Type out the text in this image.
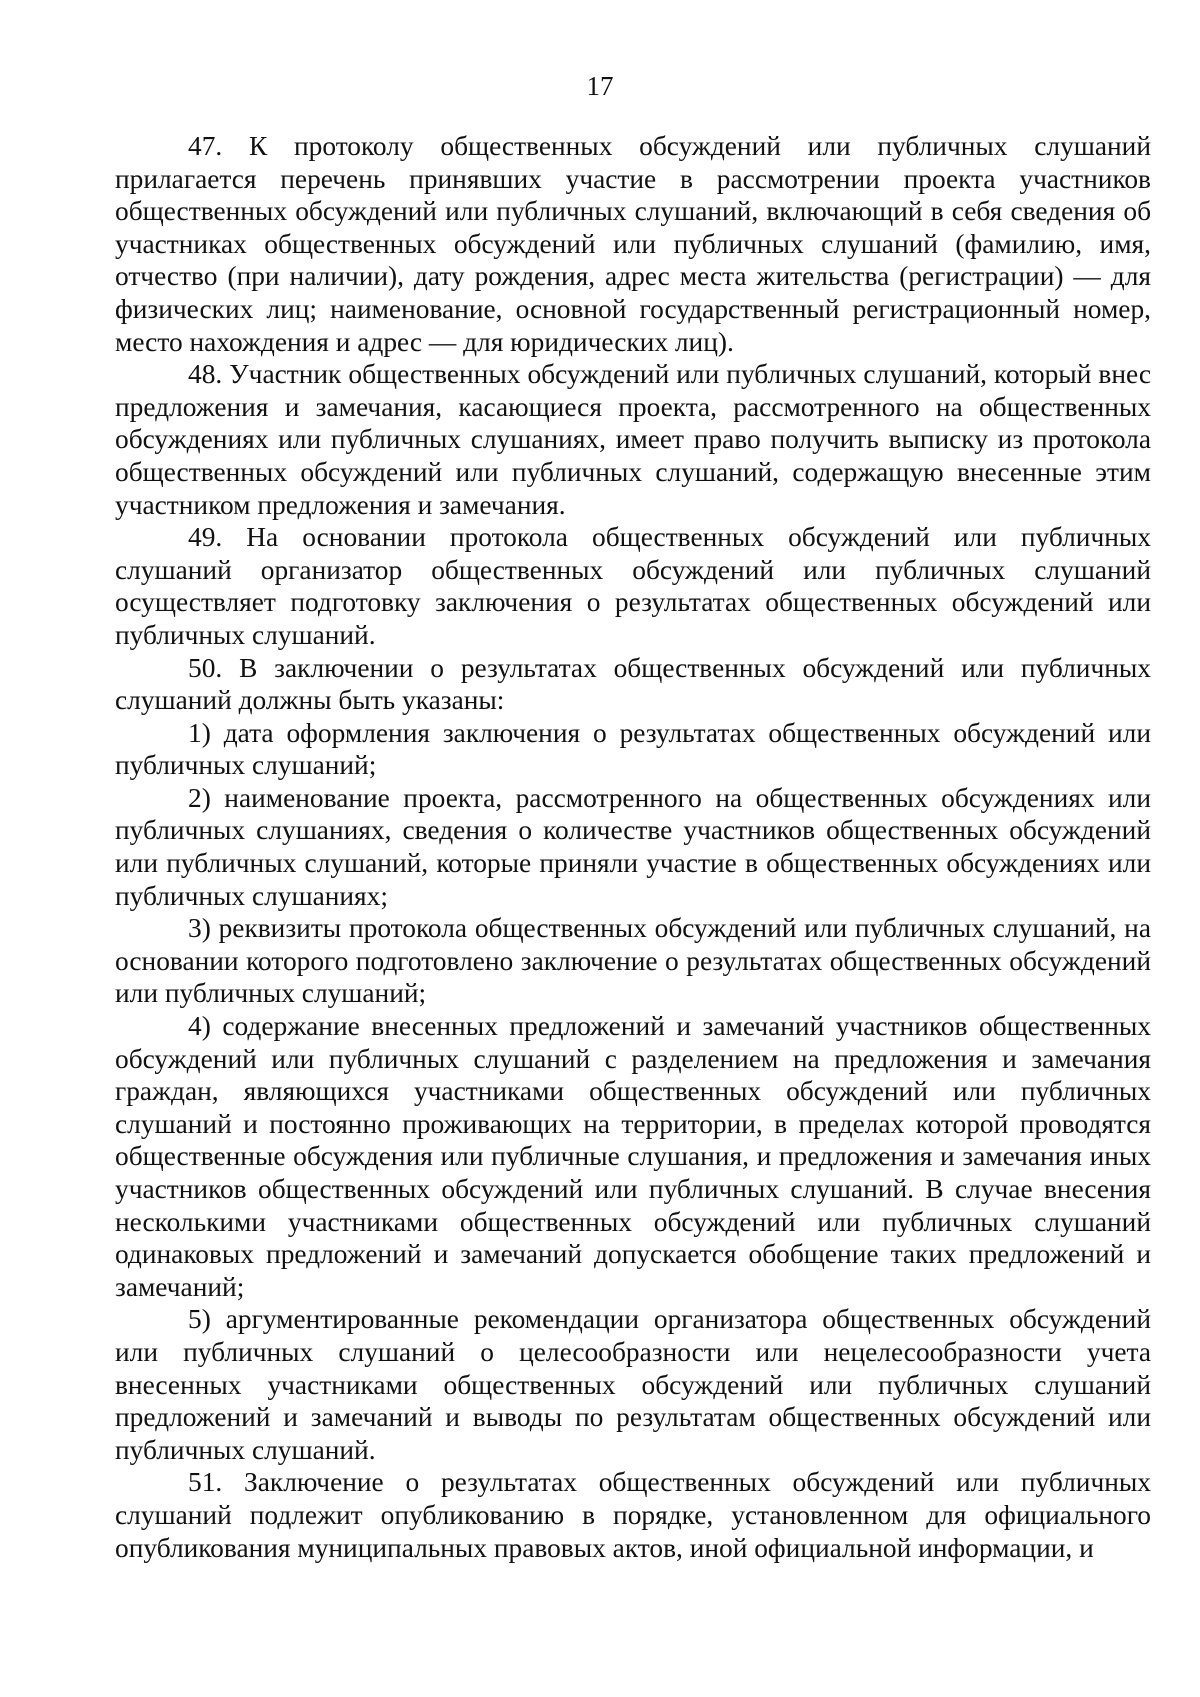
17

47. К протоколу общественных обсуждений или публичных слушаний прилагается перечень принявших участие в рассмотрении проекта участников общественных обсуждений или публичных слушаний, включающий в себя сведения об участниках общественных обсуждений или публичных слушаний (фамилию, имя, отчество (при наличии), дату рождения, адрес места жительства (регистрации) — для физических лиц; наименование, основной государственный регистрационный номер, место нахождения и адрес — для юридических лиц).

48. Участник общественных обсуждений или публичных слушаний, который внес предложения и замечания, касающиеся проекта, рассмотренного на общественных обсуждениях или публичных слушаниях, имеет право получить выписку из протокола общественных обсуждений или публичных слушаний, содержащую внесенные этим участником предложения и замечания.

49. На основании протокола общественных обсуждений или публичных слушаний организатор общественных обсуждений или публичных слушаний осуществляет подготовку заключения о результатах общественных обсуждений или публичных слушаний.

50. В заключении о результатах общественных обсуждений или публичных слушаний должны быть указаны:

1) дата оформления заключения о результатах общественных обсуждений или публичных слушаний;

2) наименование проекта, рассмотренного на общественных обсуждениях или публичных слушаниях, сведения о количестве участников общественных обсуждений или публичных слушаний, которые приняли участие в общественных обсуждениях или публичных слушаниях;

3) реквизиты протокола общественных обсуждений или публичных слушаний, на основании которого подготовлено заключение о результатах общественных обсуждений или публичных слушаний;

4) содержание внесенных предложений и замечаний участников общественных обсуждений или публичных слушаний с разделением на предложения и замечания граждан, являющихся участниками общественных обсуждений или публичных слушаний и постоянно проживающих на территории, в пределах которой проводятся общественные обсуждения или публичные слушания, и предложения и замечания иных участников общественных обсуждений или публичных слушаний. В случае внесения несколькими участниками общественных обсуждений или публичных слушаний одинаковых предложений и замечаний допускается обобщение таких предложений и замечаний;

5) аргументированные рекомендации организатора общественных обсуждений или публичных слушаний о целесообразности или нецелесообразности учета внесенных участниками общественных обсуждений или публичных слушаний предложений и замечаний и выводы по результатам общественных обсуждений или публичных слушаний.

51. Заключение о результатах общественных обсуждений или публичных слушаний подлежит опубликованию в порядке, установленном для официального опубликования муниципальных правовых актов, иной официальной информации, и
